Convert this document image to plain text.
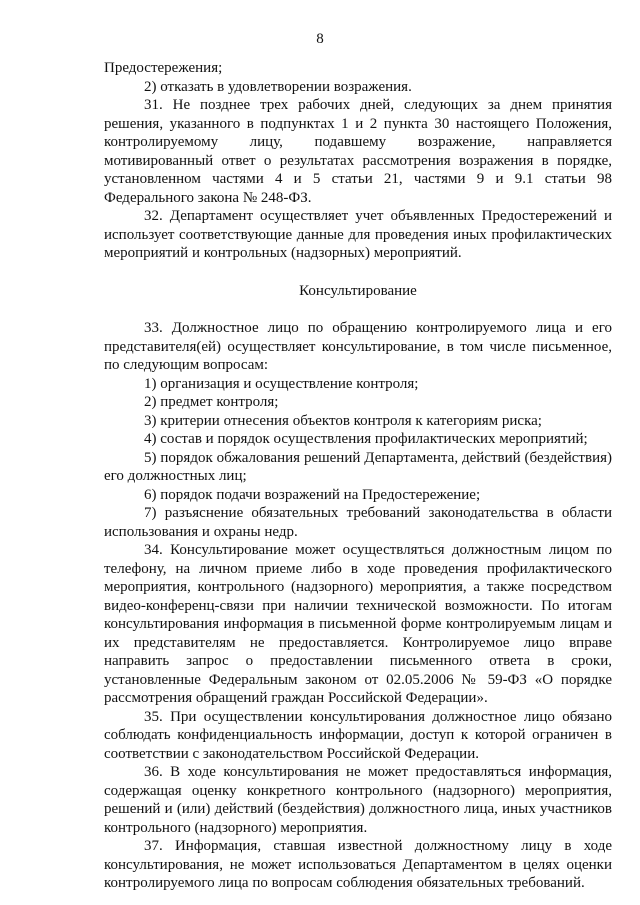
8

Предостережения;

2) отказать в удовлетворении возражения.

31. Не позднее трех рабочих дней, следующих за днем принятия решения, указанного в подпунктах 1 и 2 пункта 30 настоящего Положения, контролируемому лицу, подавшему возражение, направляется мотивированный ответ о результатах рассмотрения возражения в порядке, установленном частями 4 и 5 статьи 21, частями 9 и 9.1 статьи 98 Федерального закона № 248-ФЗ.

32. Департамент осуществляет учет объявленных Предостережений и использует соответствующие данные для проведения иных профилактических мероприятий и контрольных (надзорных) мероприятий.

Консультирование

33. Должностное лицо по обращению контролируемого лица и его представителя(ей) осуществляет консультирование, в том числе письменное, по следующим вопросам:

1) организация и осуществление контроля;

2) предмет контроля;

3) критерии отнесения объектов контроля к категориям риска;

4) состав и порядок осуществления профилактических мероприятий;

5) порядок обжалования решений Департамента, действий (бездействия) его должностных лиц;

6) порядок подачи возражений на Предостережение;

7) разъяснение обязательных требований законодательства в области использования и охраны недр.

34. Консультирование может осуществляться должностным лицом по телефону, на личном приеме либо в ходе проведения профилактического мероприятия, контрольного (надзорного) мероприятия, а также посредством видео-конференц-связи при наличии технической возможности. По итогам консультирования информация в письменной форме контролируемым лицам и их представителям не предоставляется. Контролируемое лицо вправе направить запрос о предоставлении письменного ответа в сроки, установленные Федеральным законом от 02.05.2006 № 59-ФЗ «О порядке рассмотрения обращений граждан Российской Федерации».

35. При осуществлении консультирования должностное лицо обязано соблюдать конфиденциальность информации, доступ к которой ограничен в соответствии с законодательством Российской Федерации.

36. В ходе консультирования не может предоставляться информация, содержащая оценку конкретного контрольного (надзорного) мероприятия, решений и (или) действий (бездействия) должностного лица, иных участников контрольного (надзорного) мероприятия.

37. Информация, ставшая известной должностному лицу в ходе консультирования, не может использоваться Департаментом в целях оценки контролируемого лица по вопросам соблюдения обязательных требований.
